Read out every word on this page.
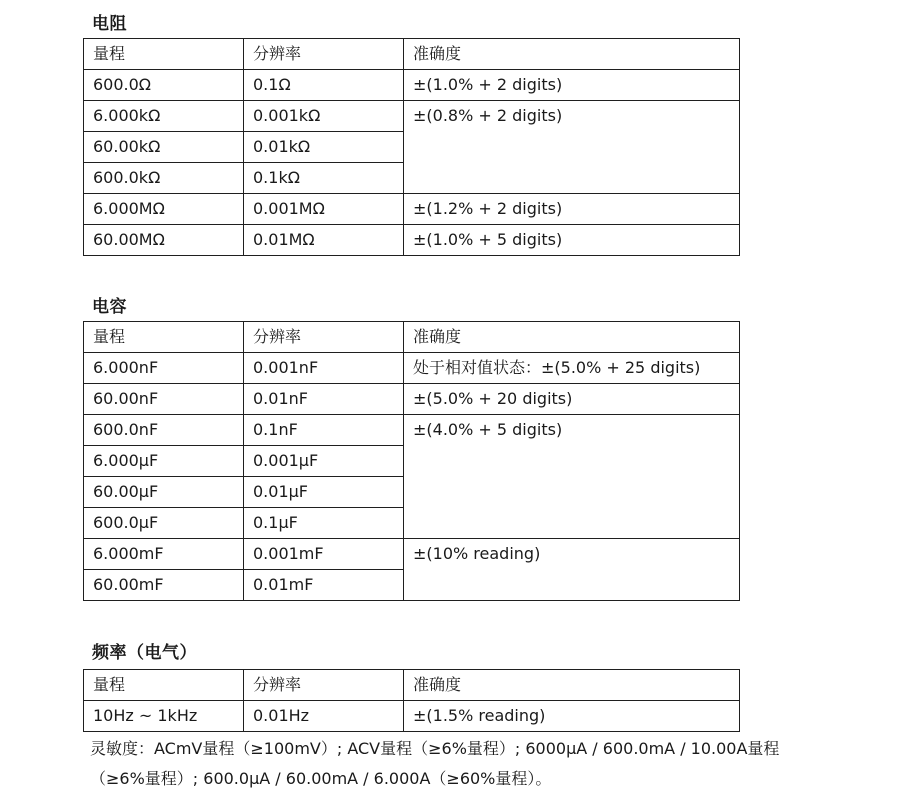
电阻
量程	分辨率	准确度
600.0Ω	0.1Ω	±(1.0% + 2 digits)
6.000kΩ	0.001kΩ	±(0.8% + 2 digits)
60.00kΩ	0.01kΩ	
600.0kΩ	0.1kΩ	
6.000MΩ	0.001MΩ	±(1.2% + 2 digits)
60.00MΩ	0.01MΩ	±(1.0% + 5 digits)
电容
量程	分辨率	准确度
6.000nF	0.001nF	处于相对值状态：±(5.0% + 25 digits)
60.00nF	0.01nF	±(5.0% + 20 digits)
600.0nF	0.1nF	±(4.0% + 5 digits)
6.000μF	0.001μF	
60.00μF	0.01μF	
600.0μF	0.1μF	
6.000mF	0.001mF	±(10% reading)
60.00mF	0.01mF	
频率（电气）
量程	分辨率	准确度
10Hz ~ 1kHz	0.01Hz	±(1.5% reading)
灵敏度：ACmV量程（≥100mV）; ACV量程（≥6%量程）; 6000μA / 600.0mA / 10.00A量程
（≥6%量程）; 600.0μA / 60.00mA / 6.000A（≥60%量程）。
